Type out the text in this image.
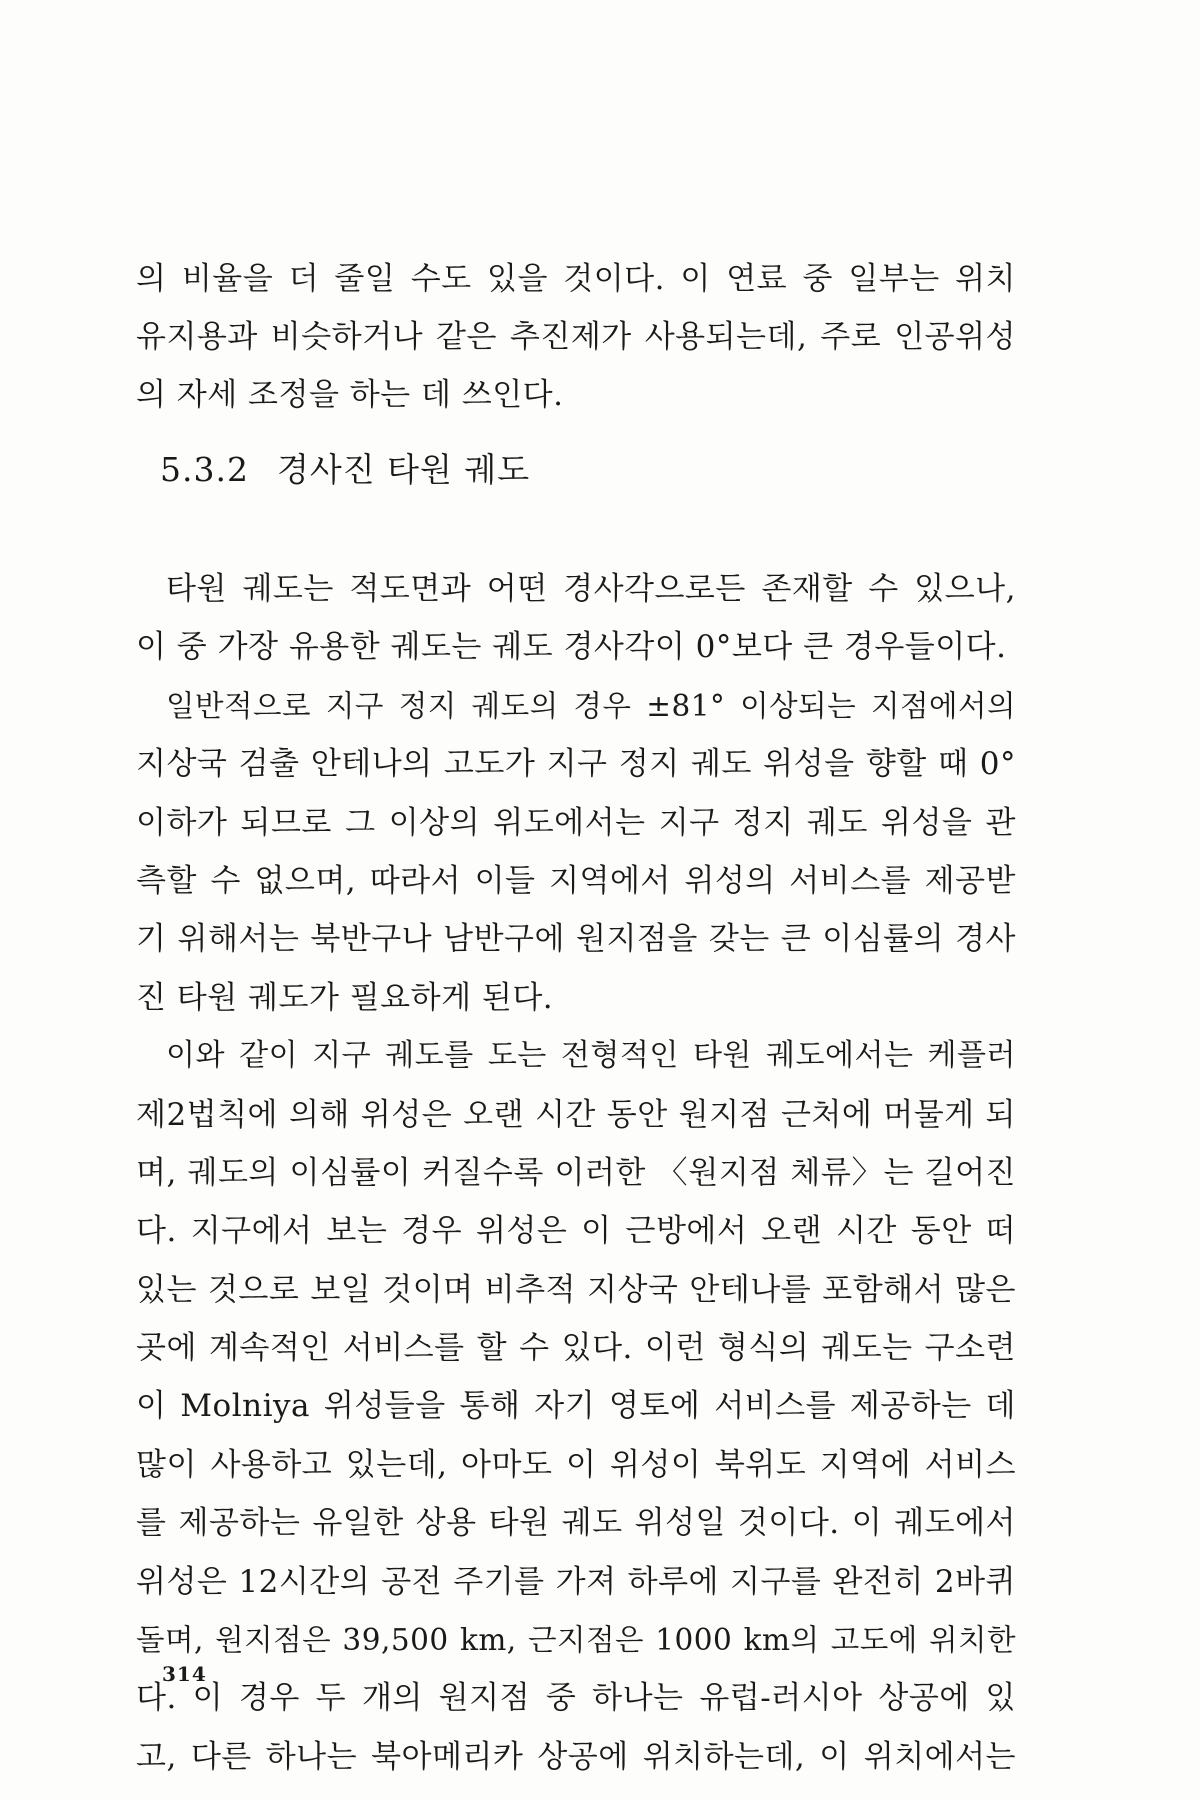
의 비율을 더 줄일 수도 있을 것이다. 이 연료 중 일부는 위치
유지용과 비슷하거나 같은 추진제가 사용되는데, 주로 인공위성
의 자세 조정을 하는 데 쓰인다.
5.3.2 경사진 타원 궤도
타원 궤도는 적도면과 어떤 경사각으로든 존재할 수 있으나,
이 중 가장 유용한 궤도는 궤도 경사각이 0°보다 큰 경우들이다.
일반적으로 지구 정지 궤도의 경우 ±81° 이상되는 지점에서의
지상국 검출 안테나의 고도가 지구 정지 궤도 위성을 향할 때 0°
이하가 되므로 그 이상의 위도에서는 지구 정지 궤도 위성을 관
측할 수 없으며, 따라서 이들 지역에서 위성의 서비스를 제공받
기 위해서는 북반구나 남반구에 원지점을 갖는 큰 이심률의 경사
진 타원 궤도가 필요하게 된다.
이와 같이 지구 궤도를 도는 전형적인 타원 궤도에서는 케플러
제2법칙에 의해 위성은 오랜 시간 동안 원지점 근처에 머물게 되
며, 궤도의 이심률이 커질수록 이러한 〈원지점 체류〉는 길어진
다. 지구에서 보는 경우 위성은 이 근방에서 오랜 시간 동안 떠
있는 것으로 보일 것이며 비추적 지상국 안테나를 포함해서 많은
곳에 계속적인 서비스를 할 수 있다. 이런 형식의 궤도는 구소련
이 Molniya 위성들을 통해 자기 영토에 서비스를 제공하는 데
많이 사용하고 있는데, 아마도 이 위성이 북위도 지역에 서비스
를 제공하는 유일한 상용 타원 궤도 위성일 것이다. 이 궤도에서
위성은 12시간의 공전 주기를 가져 하루에 지구를 완전히 2바퀴
돌며, 원지점은 39,500 km, 근지점은 1000 km의 고도에 위치한
다. 이 경우 두 개의 원지점 중 하나는 유럽-러시아 상공에 있
고, 다른 하나는 북아메리카 상공에 위치하는데, 이 위치에서는
314
